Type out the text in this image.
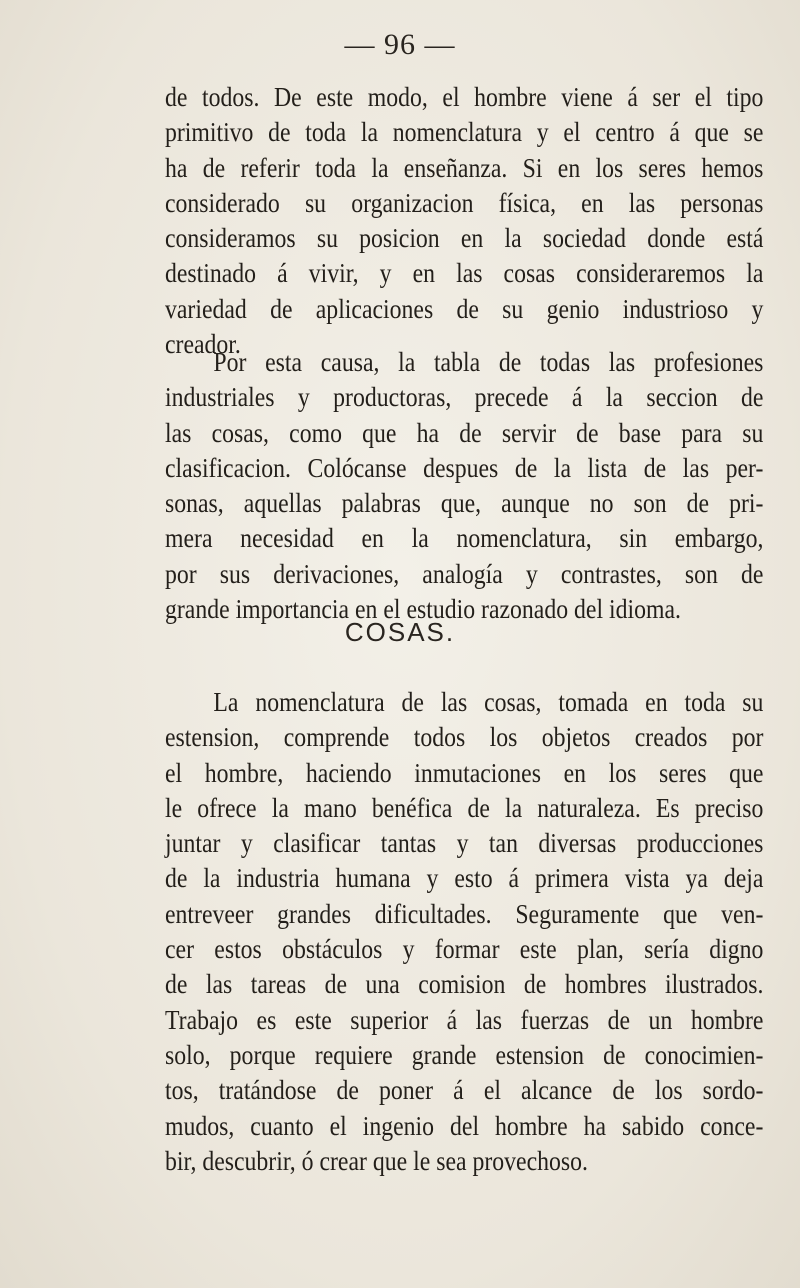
— 96 —
de todos. De este modo, el hombre viene á ser el tipo
primitivo de toda la nomenclatura y el centro á que se
ha de referir toda la enseñanza. Si en los seres hemos
considerado su organizacion física, en las personas
consideramos su posicion en la sociedad donde está
destinado á vivir, y en las cosas consideraremos la
variedad de aplicaciones de su genio industrioso y
creador.
Por esta causa, la tabla de todas las profesiones
industriales y productoras, precede á la seccion de
las cosas, como que ha de servir de base para su
clasificacion. Colócanse despues de la lista de las per-
sonas, aquellas palabras que, aunque no son de pri-
mera necesidad en la nomenclatura, sin embargo,
por sus derivaciones, analogía y contrastes, son de
grande importancia en el estudio razonado del idioma.
COSAS.
La nomenclatura de las cosas, tomada en toda su
estension, comprende todos los objetos creados por
el hombre, haciendo inmutaciones en los seres que
le ofrece la mano benéfica de la naturaleza. Es preciso
juntar y clasificar tantas y tan diversas producciones
de la industria humana y esto á primera vista ya deja
entreveer grandes dificultades. Seguramente que ven-
cer estos obstáculos y formar este plan, sería digno
de las tareas de una comision de hombres ilustrados.
Trabajo es este superior á las fuerzas de un hombre
solo, porque requiere grande estension de conocimien-
tos, tratándose de poner á el alcance de los sordo-
mudos, cuanto el ingenio del hombre ha sabido conce-
bir, descubrir, ó crear que le sea provechoso.
